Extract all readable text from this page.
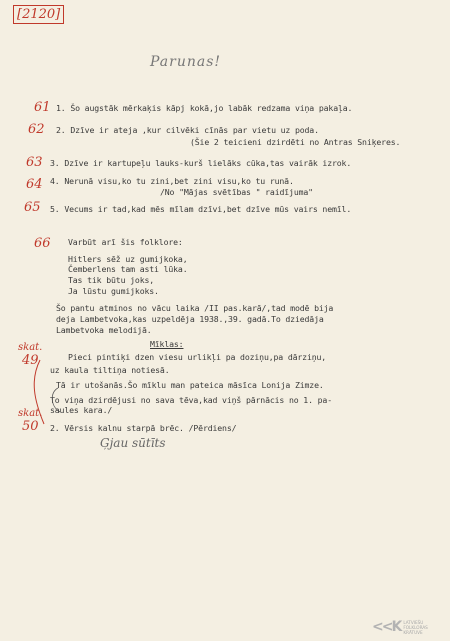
[2120]
Parunas!
61 1. Šo augstāk mērkaķis kāpj kokā,jo labāk redzama viņa pakaļa.
62 2. Dzīve ir ateja ,kur cilvēki cīnās par vietu uz poda.
(Šie 2 teicieni dzirdēti no Antras Sniķeres.
63 3. Dzīve ir kartupeļu lauks-kurš lielāks cūka,tas vairāk izrok.
64 4. Nerunā visu,ko tu zini,bet zini visu,ko tu runā.
/No "Mājas svētības " raidījuma"
65 5. Vecums ir tad,kad mēs mīlam dzīvi,bet dzīve mūs vairs nemīl.
66 Varbūt arī šis folklore:
Hitlers sēž uz gumijkoka,
Čemberlens tam asti lūka.
Tas tik būtu joks,
Ja lūstu gumijkoks.
Šo pantu atminos no vācu laika /II pas.karā/,tad modē bija
deja Lambetvoka,kas uzpeldēja 1938.,39. gadā.To dziedāja
Lambetvoka melodijā.
Mīklas:
skat.
49	Pieci pintiķi dzen viesu urlikļi pa doziņu,pa dārziņu,
uz kaula tiltiņa notiesā.
Tā ir utošanās.Šo mīklu man pateica māsīca Lonija Zimze.
To viņa dzirdējusi no sava tēva,kad viņš pārnācis no 1. pa-
saules kara./
skat.
50 2. Vērsis kalnu starpā brēc. /Pērdiens/
Ģjau sūtīts
<<K LATVIEŠU
FOLKLORAS
KRĀTUVE
